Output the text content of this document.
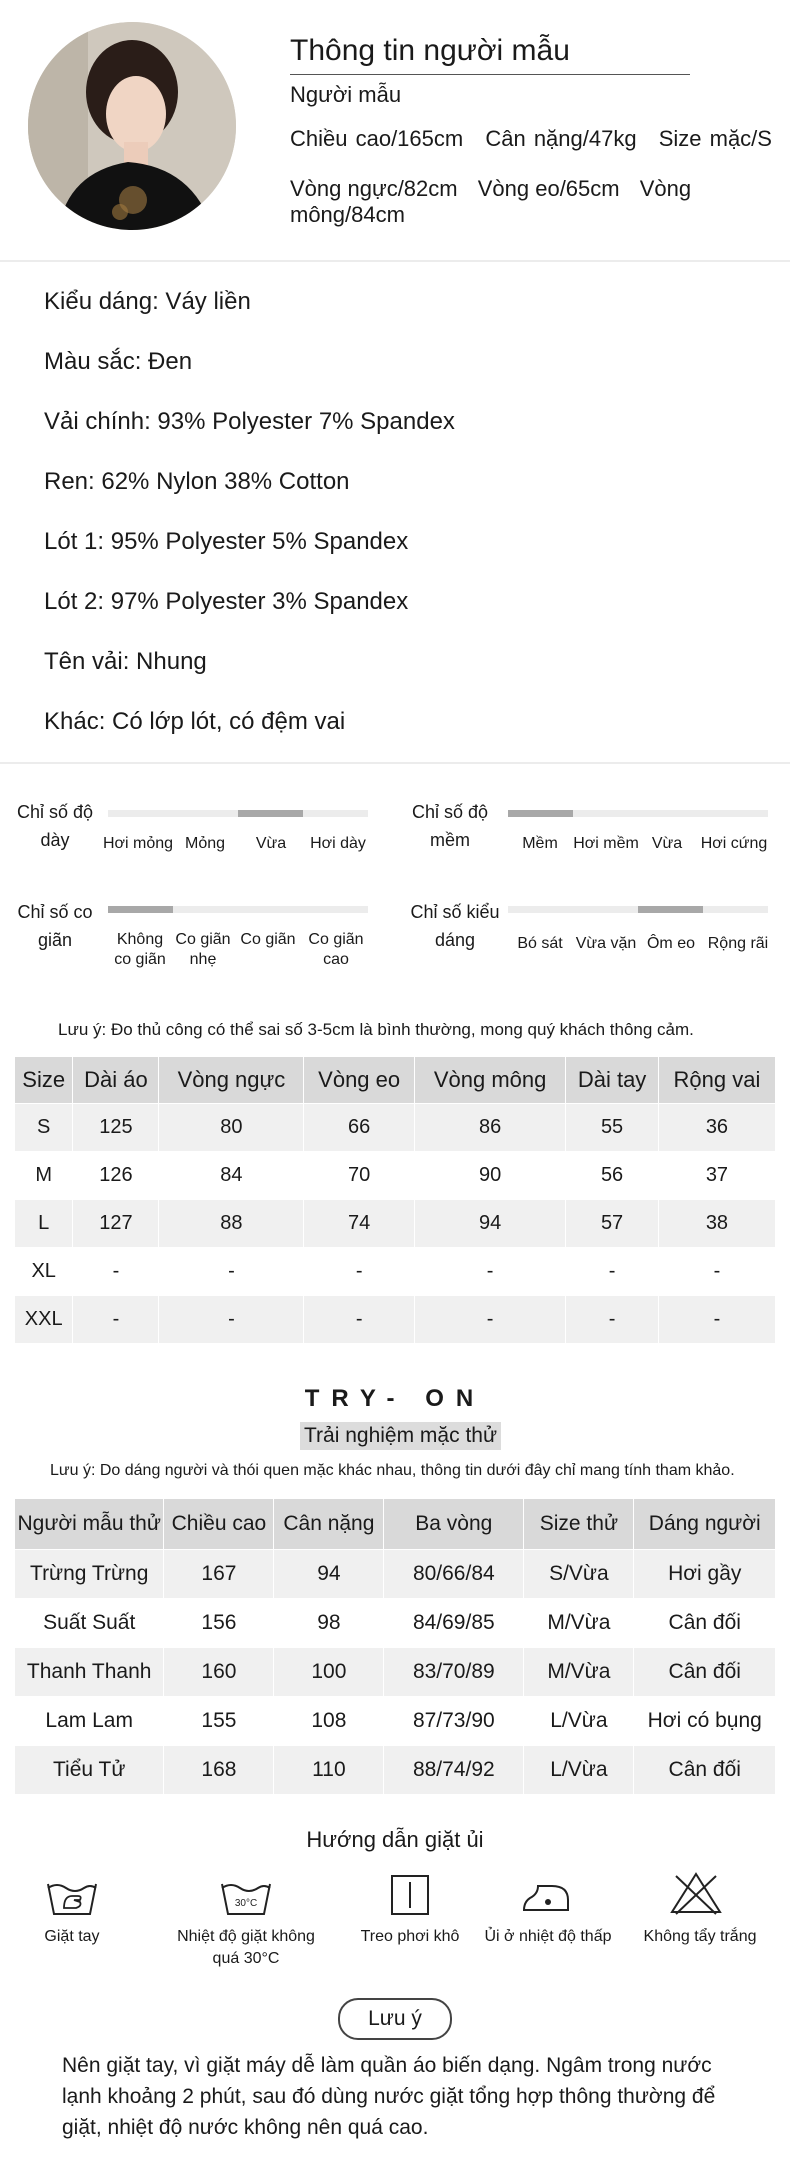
Thông tin người mẫu
Người mẫu
Chiều cao/165cm Cân nặng/47kg Size mặc/S
Vòng ngực/82cm Vòng eo/65cm Vòng mông/84cm
Kiểu dáng: Váy liền
Màu sắc: Đen
Vải chính: 93% Polyester 7% Spandex
Ren: 62% Nylon 38% Cotton
Lót 1: 95% Polyester 5% Spandex
Lót 2: 97% Polyester 3% Spandex
Tên vải: Nhung
Khác: Có lớp lót, có đệm vai
Chỉ số độ dày	Hơi mỏng Mỏng	Vừa	Hơi dày
Chỉ số độ mềm	Mềm Hơi mềm Vừa	Hơi cứng
Chỉ số co giãn	Không co giãn
Co giãn nhẹ
Co giãn Co giãn cao
Chỉ số kiểu dáng	Bó sát Vừa vặn Ôm eo Rộng rãi
Lưu ý: Đo thủ công có thể sai số 3-5cm là bình thường, mong quý khách thông cảm.
Size	Dài áo	Vòng ngực	Vòng eo	Vòng mông	Dài tay	Rộng vai
S	125	80	66	86	55	36
M	126	84	70	90	56	37
L	127	88	74	94	57	38
XL	-	-	-	-	-	-
XXL	-	-	-	-	-	-
TRY- ON
Trải nghiệm mặc thử
Lưu ý: Do dáng người và thói quen mặc khác nhau, thông tin dưới đây chỉ mang tính tham khảo.
Người mẫu thử	Chiều cao	Cân nặng	Ba vòng	Size thử	Dáng người
Trừng Trừng	167	94	80/66/84	S/Vừa	Hơi gầy
Suất Suất	156	98	84/69/85	M/Vừa	Cân đối
Thanh Thanh	160	100	83/70/89	M/Vừa	Cân đối
Lam Lam	155	108	87/73/90	L/Vừa	Hơi có bụng
Tiểu Tử	168	110	88/74/92	L/Vừa	Cân đối
Hướng dẫn giặt ủi
Giặt tay
30°C
Nhiệt độ giặt không quá 30°C
Treo phơi khô	Ủi ở nhiệt độ thấp	Không tẩy trắng
Lưu ý
Nên giặt tay, vì giặt máy dễ làm quần áo biến dạng. Ngâm trong nước lạnh khoảng 2 phút, sau đó dùng nước giặt tổng hợp thông thường để giặt, nhiệt độ nước không nên quá cao.
